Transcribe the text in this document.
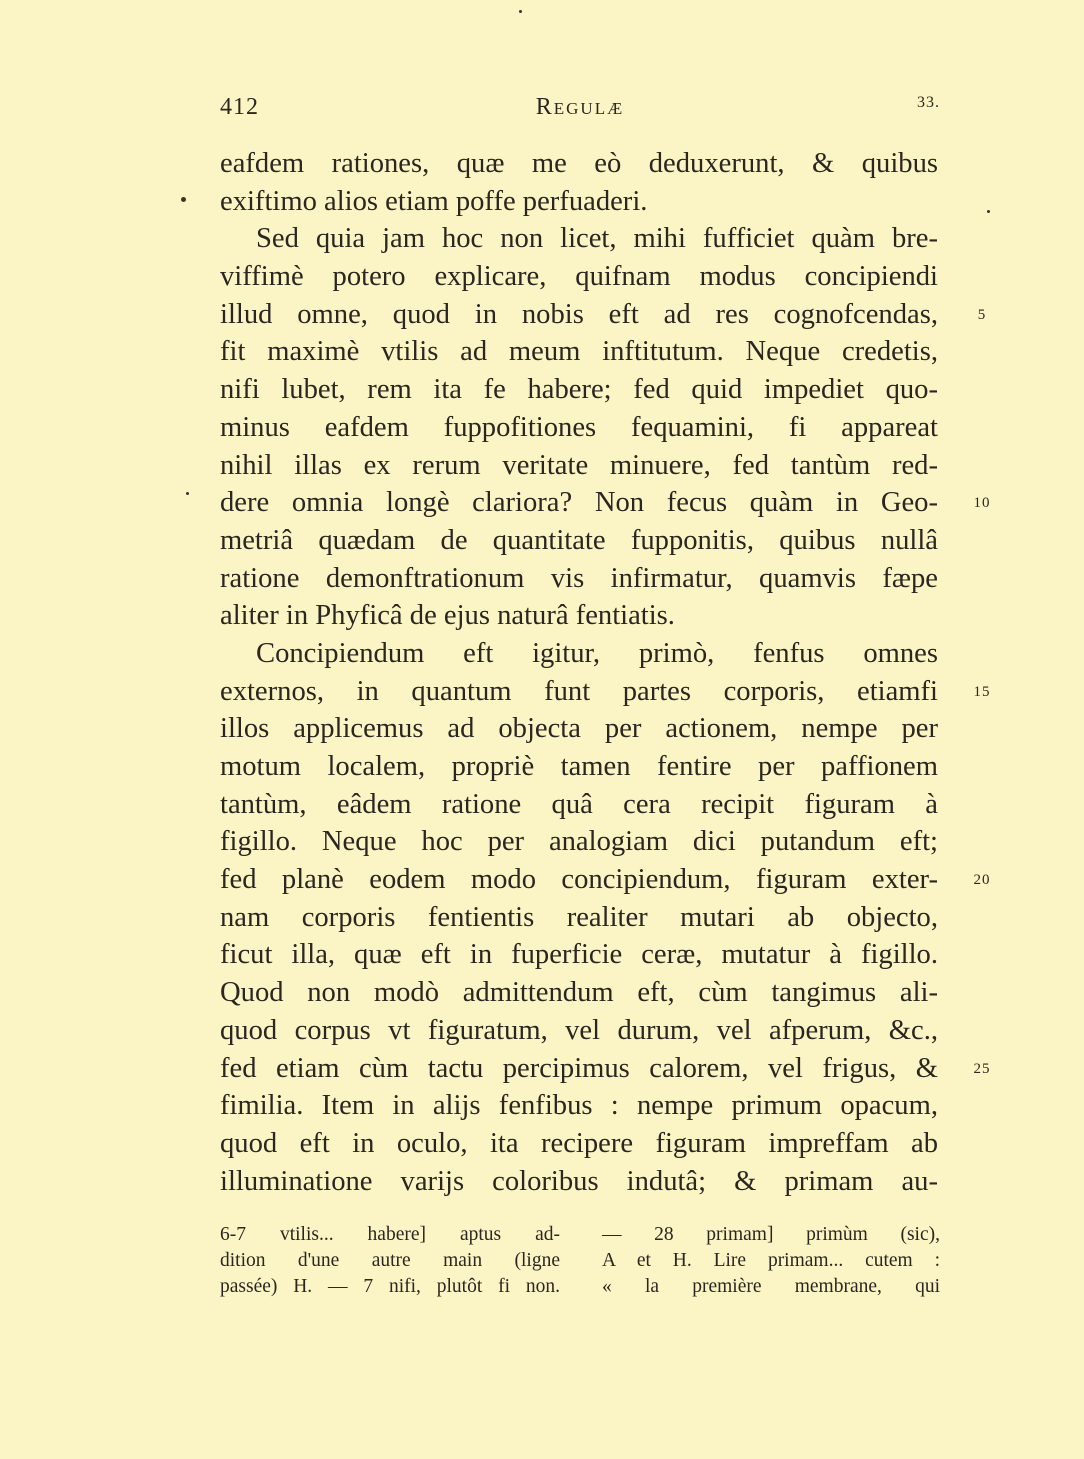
412	Regulæ	33.
eafdem rationes, quæ me eò deduxerunt, & quibus
exiftimo alios etiam poffe perfuaderi.
Sed quia jam hoc non licet, mihi fufficiet quàm bre-
viffimè potero explicare, quifnam modus concipiendi
illud omne, quod in nobis eft ad res cognofcendas,
fit maximè vtilis ad meum inftitutum. Neque credetis,
nifi lubet, rem ita fe habere; fed quid impediet quo-
minus eafdem fuppofitiones fequamini, fi appareat
nihil illas ex rerum veritate minuere, fed tantùm red-
dere omnia longè clariora? Non fecus quàm in Geo-
metriâ quædam de quantitate fupponitis, quibus nullâ
ratione demonftrationum vis infirmatur, quamvis fæpe
aliter in Phyficâ de ejus naturâ fentiatis.
Concipiendum eft igitur, primò, fenfus omnes
externos, in quantum funt partes corporis, etiamfi
illos applicemus ad objecta per actionem, nempe per
motum localem, propriè tamen fentire per paffionem
tantùm, eâdem ratione quâ cera recipit figuram à
figillo. Neque hoc per analogiam dici putandum eft;
fed planè eodem modo concipiendum, figuram exter-
nam corporis fentientis realiter mutari ab objecto,
ficut illa, quæ eft in fuperficie ceræ, mutatur à figillo.
Quod non modò admittendum eft, cùm tangimus ali-
quod corpus vt figuratum, vel durum, vel afperum, &c.,
fed etiam cùm tactu percipimus calorem, vel frigus, &
fimilia. Item in alijs fenfibus : nempe primum opacum,
quod eft in oculo, ita recipere figuram impreffam ab
illuminatione varijs coloribus indutâ; & primam au-
5
10
15
20
25
6-7 vtilis... habere] aptus ad-
dition d'une autre main (ligne
passée) H. — 7 nifi, plutôt fi non.
— 28 primam] primùm (sic),
A et H. Lire primam... cutem :
« la première membrane, qui
